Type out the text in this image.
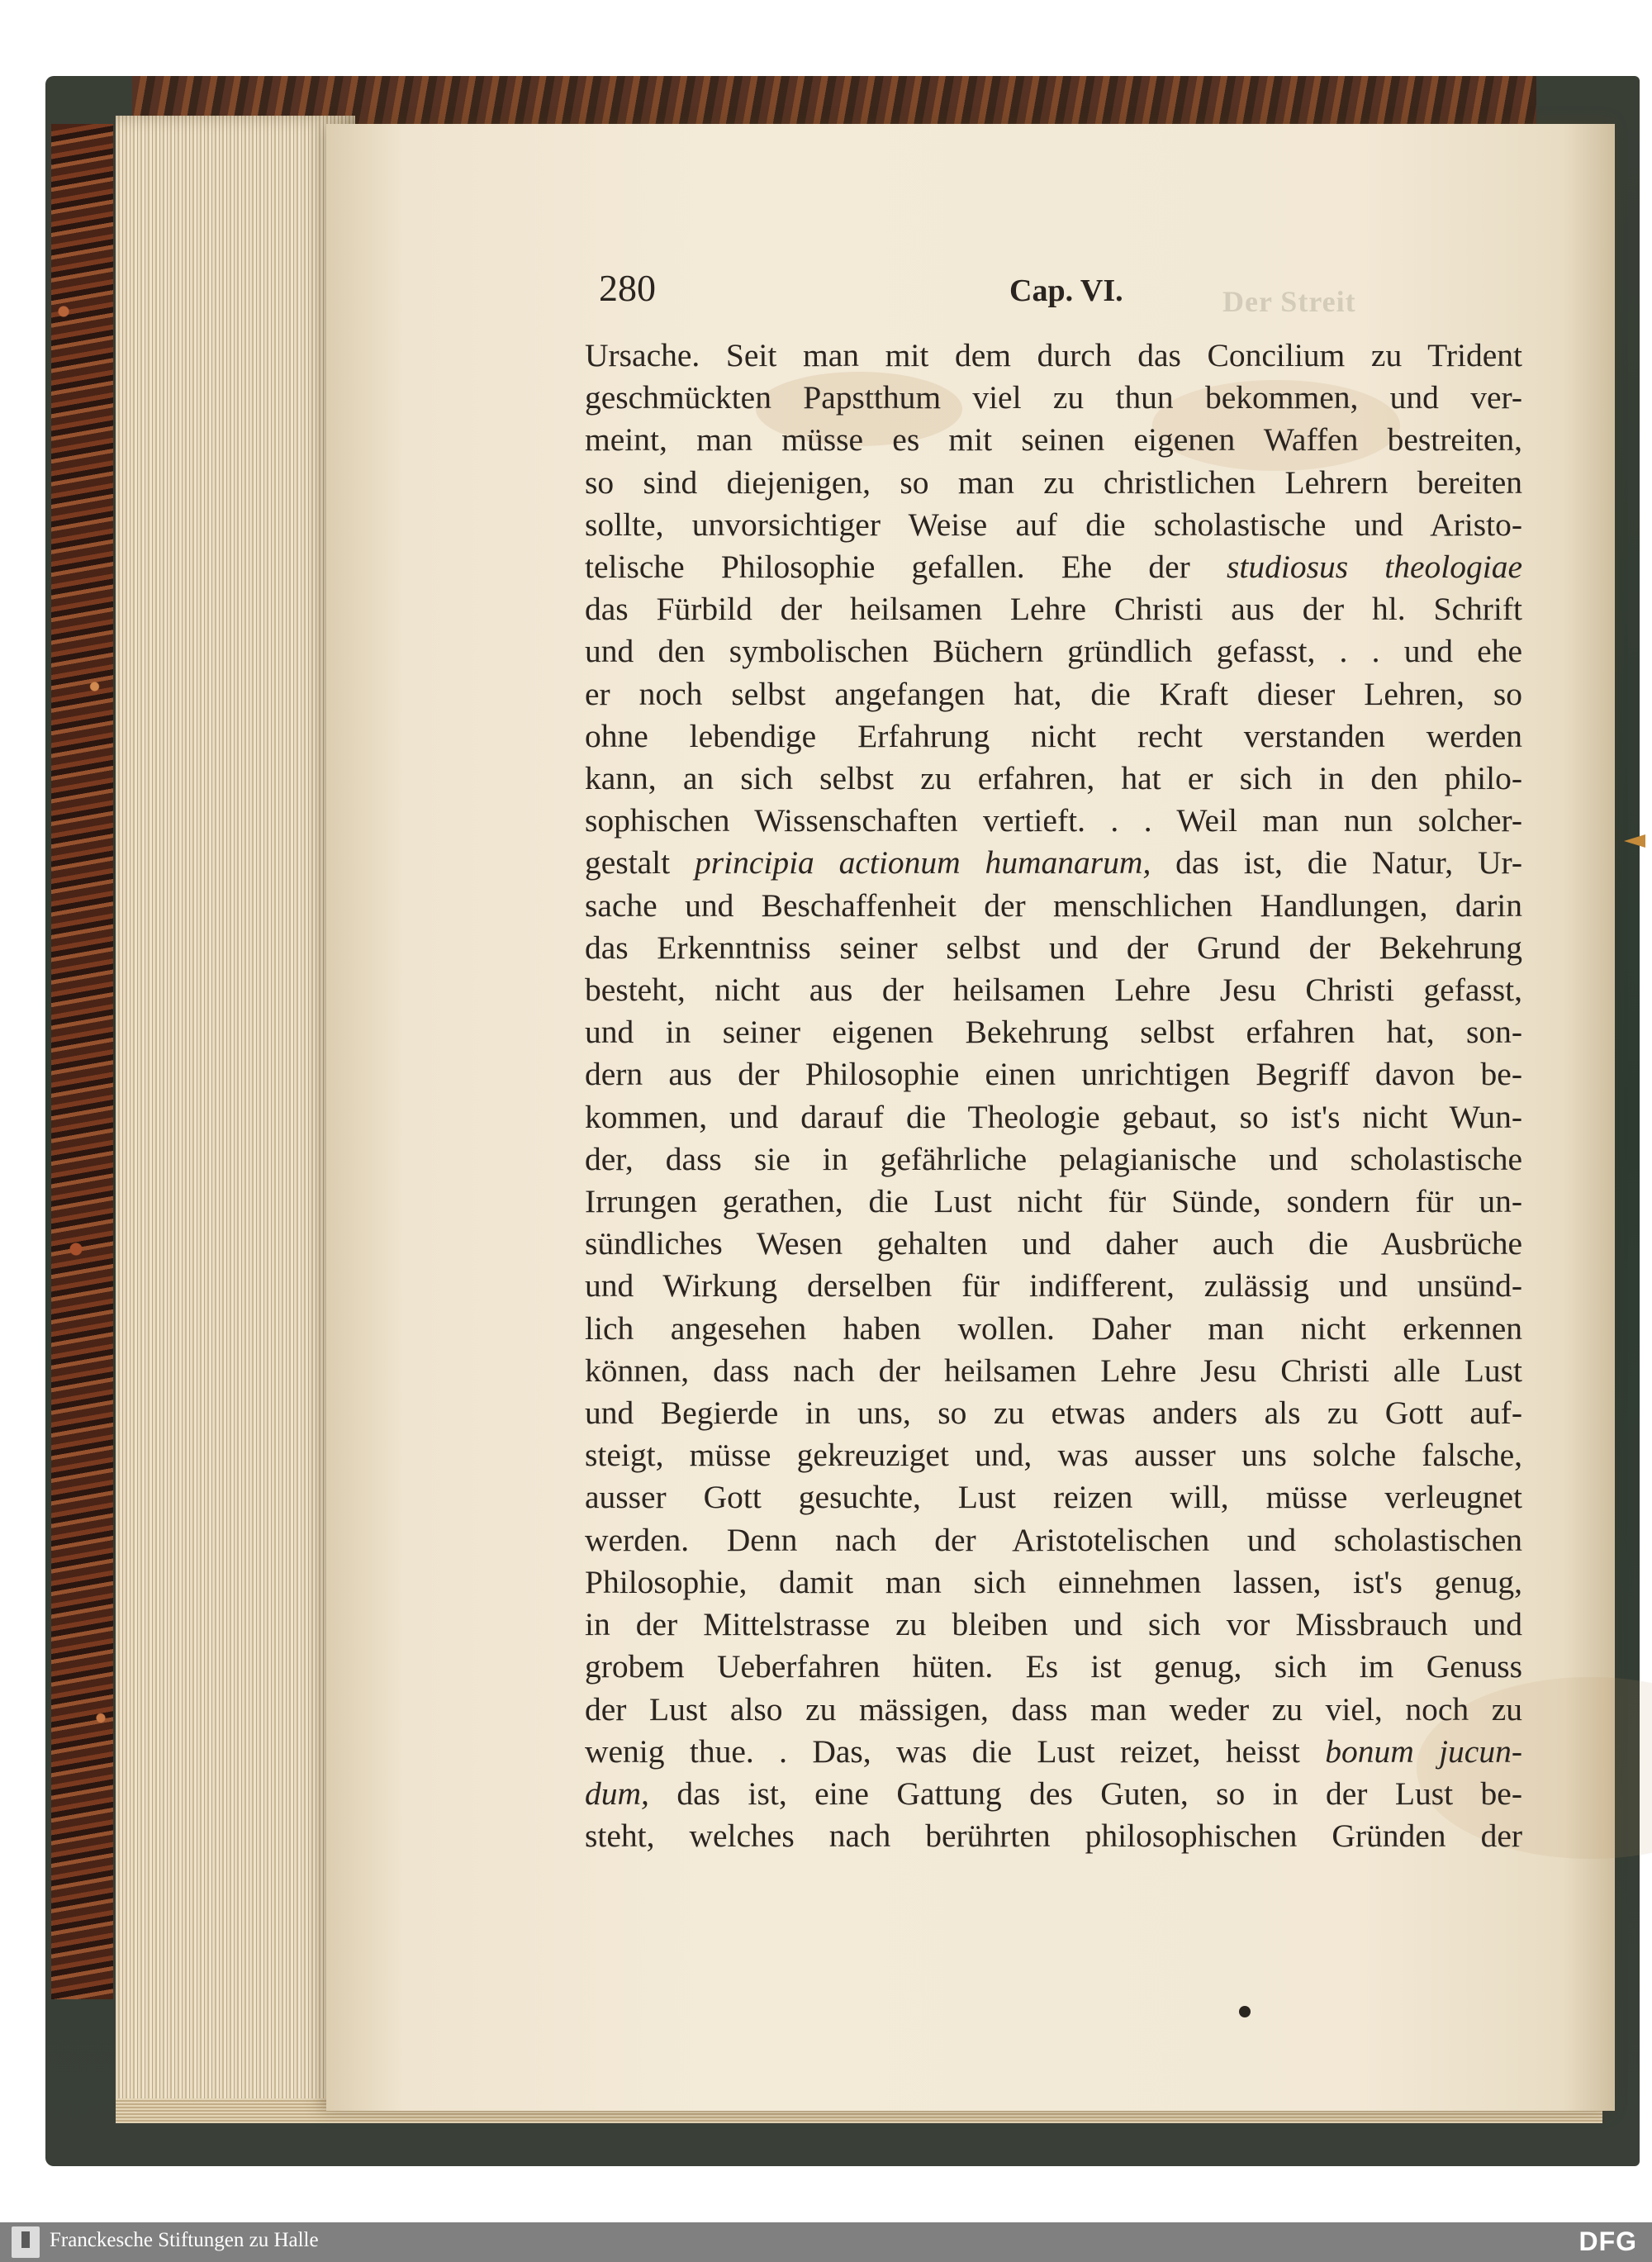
Der Streit
280	Cap. VI.
Ursache. Seit man mit dem durch das Concilium zu Trident
geschmückten Papstthum viel zu thun bekommen, und ver-
meint, man müsse es mit seinen eigenen Waffen bestreiten,
so sind diejenigen, so man zu christlichen Lehrern bereiten
sollte, unvorsichtiger Weise auf die scholastische und Aristo-
telische Philosophie gefallen. Ehe der studiosus theologiae
das Fürbild der heilsamen Lehre Christi aus der hl. Schrift
und den symbolischen Büchern gründlich gefasst, . . und ehe
er noch selbst angefangen hat, die Kraft dieser Lehren, so
ohne lebendige Erfahrung nicht recht verstanden werden
kann, an sich selbst zu erfahren, hat er sich in den philo-
sophischen Wissenschaften vertieft. . . Weil man nun solcher-
gestalt principia actionum humanarum, das ist, die Natur, Ur-
sache und Beschaffenheit der menschlichen Handlungen, darin
das Erkenntniss seiner selbst und der Grund der Bekehrung
besteht, nicht aus der heilsamen Lehre Jesu Christi gefasst,
und in seiner eigenen Bekehrung selbst erfahren hat, son-
dern aus der Philosophie einen unrichtigen Begriff davon be-
kommen, und darauf die Theologie gebaut, so ist's nicht Wun-
der, dass sie in gefährliche pelagianische und scholastische
Irrungen gerathen, die Lust nicht für Sünde, sondern für un-
sündliches Wesen gehalten und daher auch die Ausbrüche
und Wirkung derselben für indifferent, zulässig und unsünd-
lich angesehen haben wollen. Daher man nicht erkennen
können, dass nach der heilsamen Lehre Jesu Christi alle Lust
und Begierde in uns, so zu etwas anders als zu Gott auf-
steigt, müsse gekreuziget und, was ausser uns solche falsche,
ausser Gott gesuchte, Lust reizen will, müsse verleugnet
werden. Denn nach der Aristotelischen und scholastischen
Philosophie, damit man sich einnehmen lassen, ist's genug,
in der Mittelstrasse zu bleiben und sich vor Missbrauch und
grobem Ueberfahren hüten. Es ist genug, sich im Genuss
der Lust also zu mässigen, dass man weder zu viel, noch zu
wenig thue. . Das, was die Lust reizet, heisst bonum jucun-
dum, das ist, eine Gattung des Guten, so in der Lust be-
steht, welches nach berührten philosophischen Gründen der
Franckesche Stiftungen zu Halle	DFG
